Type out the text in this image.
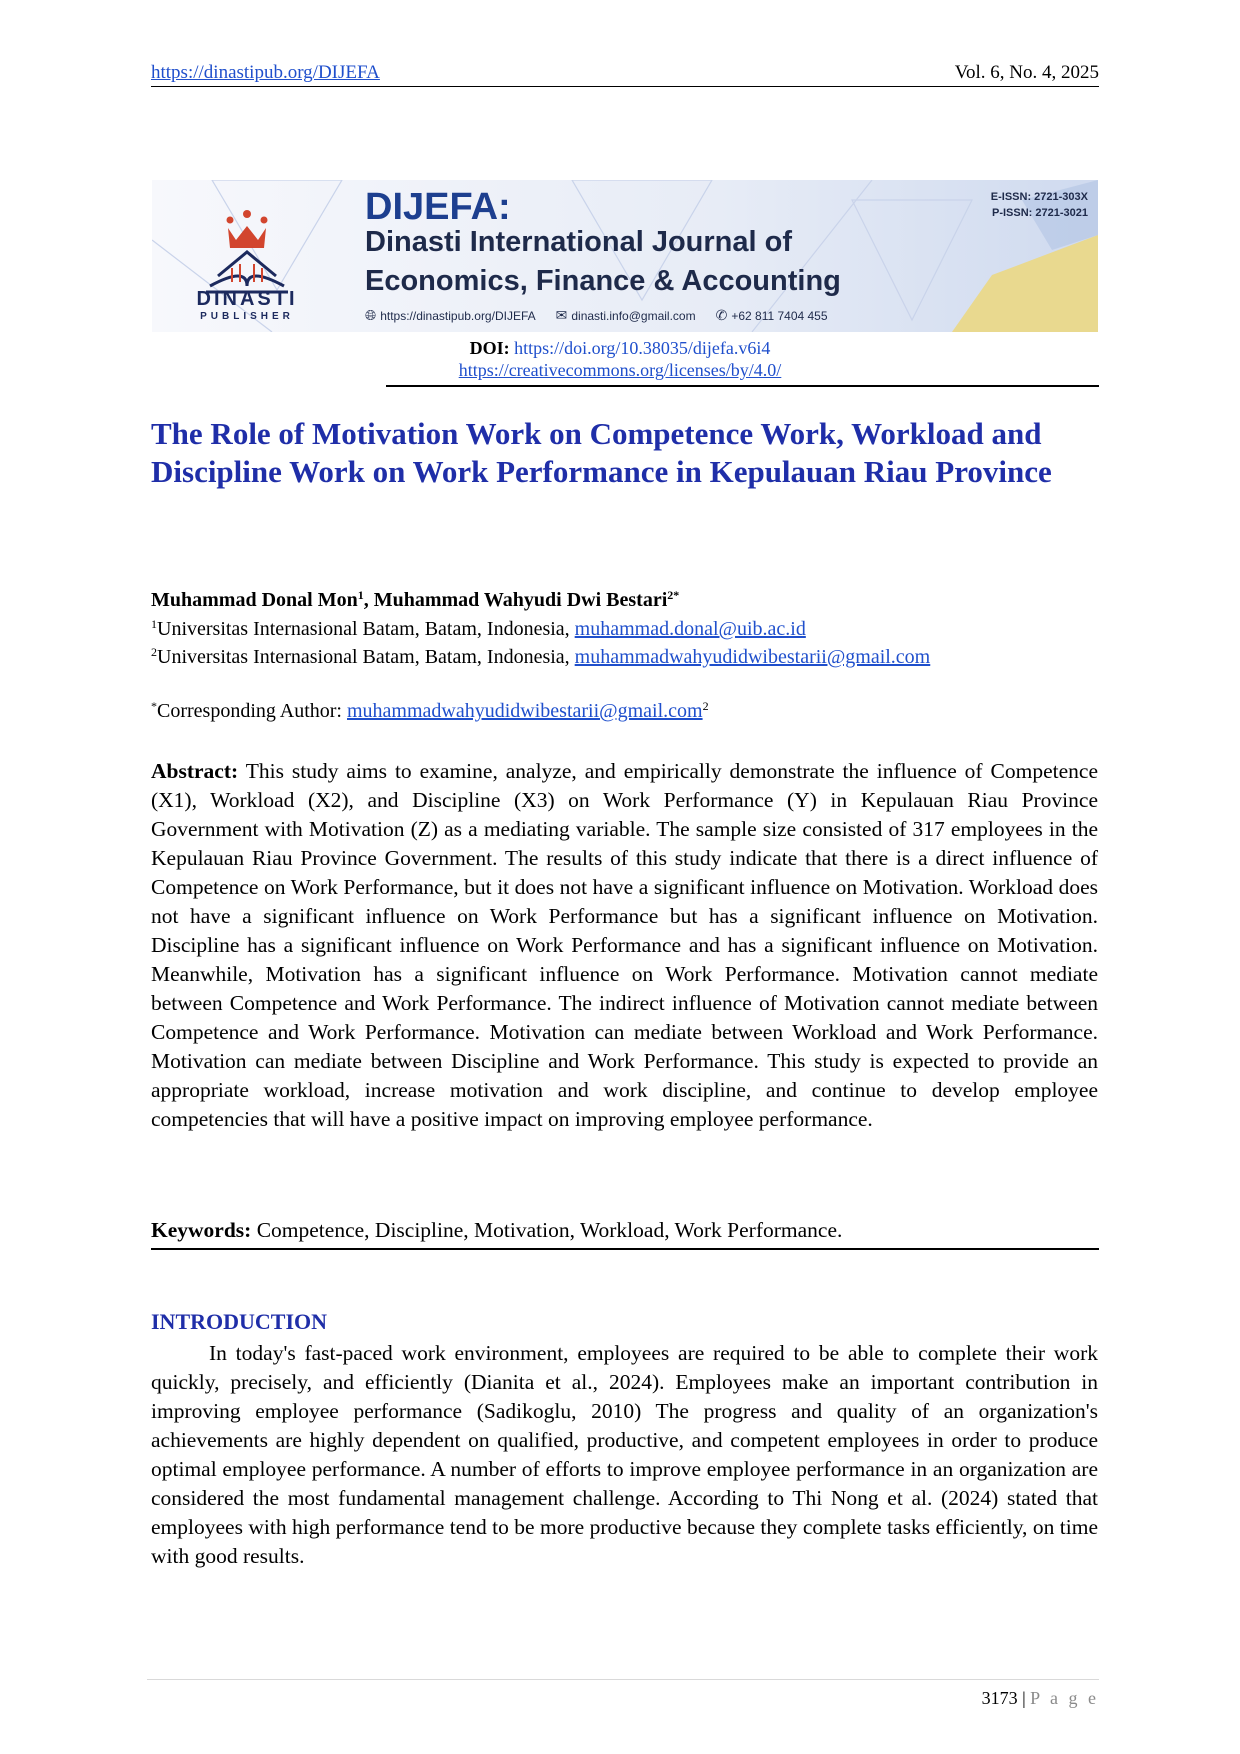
https://dinastipub.org/DIJEFA	Vol. 6, No. 4, 2025
DINASTI
PUBLISHER
DIJEFA:
Dinasti International Journal of
Economics, Finance & Accounting
🌐︎ https://dinastipub.org/DIJEFA ✉ dinasti.info@gmail.com ✆ +62 811 7404 455
E-ISSN: 2721-303X
P-ISSN: 2721-3021
DOI: https://doi.org/10.38035/dijefa.v6i4
https://creativecommons.org/licenses/by/4.0/
The Role of Motivation Work on Competence Work, Workload and Discipline Work on Work Performance in Kepulauan Riau Province
Muhammad Donal Mon$^1$, Muhammad Wahyudi Dwi Bestari$^{2*}$
$^1$Universitas Internasional Batam, Batam, Indonesia, muhammad.donal@uib.ac.id
$^2$Universitas Internasional Batam, Batam, Indonesia, muhammadwahyudidwibestarii@gmail.com
*Corresponding Author: muhammadwahyudidwibestarii@gmail.com$^2$

Abstract: This study aims to examine, analyze, and empirically demonstrate the influence of Competence (X1), Workload (X2), and Discipline (X3) on Work Performance (Y) in Kepulauan Riau Province Government with Motivation (Z) as a mediating variable. The sample size consisted of 317 employees in the Kepulauan Riau Province Government. The results of this study indicate that there is a direct influence of Competence on Work Performance, but it does not have a significant influence on Motivation. Workload does not have a significant influence on Work Performance but has a significant influence on Motivation. Discipline has a significant influence on Work Performance and has a significant influence on Motivation. Meanwhile, Motivation has a significant influence on Work Performance. Motivation cannot mediate between Competence and Work Performance. The indirect influence of Motivation cannot mediate between Competence and Work Performance. Motivation can mediate between Workload and Work Performance. Motivation can mediate between Discipline and Work Performance. This study is expected to provide an appropriate workload, increase motivation and work discipline, and continue to develop employee competencies that will have a positive impact on improving employee performance.

Keywords: Competence, Discipline, Motivation, Workload, Work Performance.
INTRODUCTION

In today's fast-paced work environment, employees are required to be able to complete their work quickly, precisely, and efficiently (Dianita et al., 2024). Employees make an important contribution in improving employee performance (Sadikoglu, 2010) The progress and quality of an organization's achievements are highly dependent on qualified, productive, and competent employees in order to produce optimal employee performance. A number of efforts to improve employee performance in an organization are considered the most fundamental management challenge. According to Thi Nong et al. (2024) stated that employees with high performance tend to be more productive because they complete tasks efficiently, on time with good results.

3173 | P a g e
